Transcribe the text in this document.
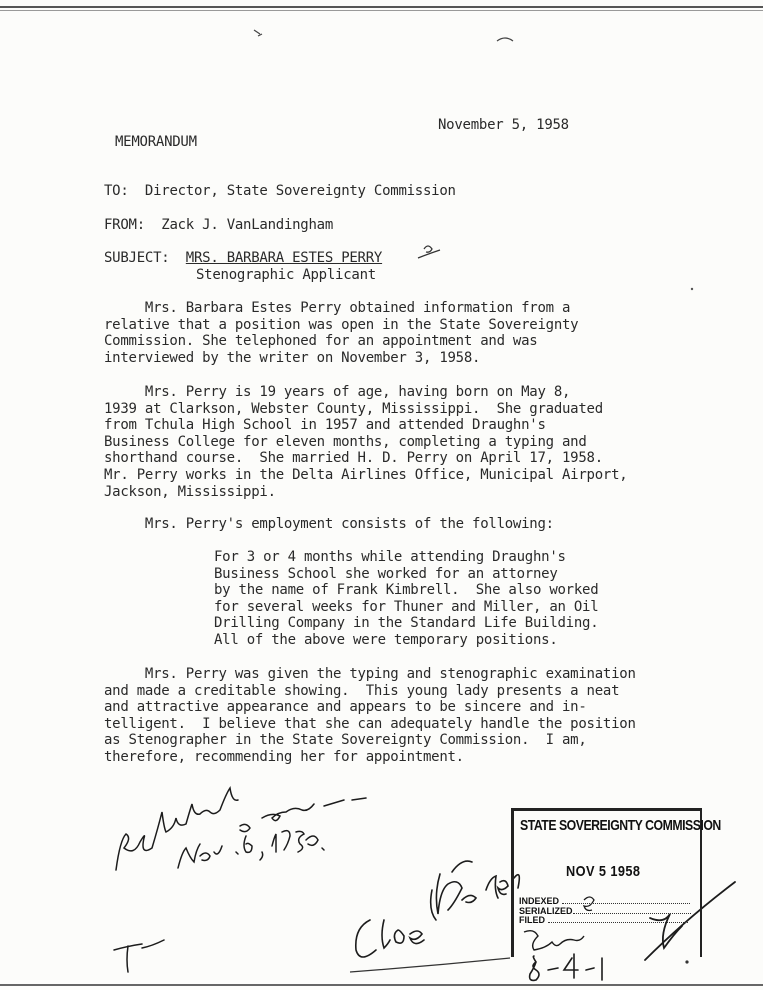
November 5, 1958
MEMORANDUM
TO: Director, State Sovereignty Commission
FROM: Zack J. VanLandingham
SUBJECT: MRS. BARBARA ESTES PERRY
Stenographic Applicant
Mrs. Barbara Estes Perry obtained information from a
relative that a position was open in the State Sovereignty
Commission. She telephoned for an appointment and was
interviewed by the writer on November 3, 1958.
Mrs. Perry is 19 years of age, having born on May 8,
1939 at Clarkson, Webster County, Mississippi.  She graduated
from Tchula High School in 1957 and attended Draughn's
Business College for eleven months, completing a typing and
shorthand course.  She married H. D. Perry on April 17, 1958.
Mr. Perry works in the Delta Airlines Office, Municipal Airport,
Jackson, Mississippi.
Mrs. Perry's employment consists of the following:
For 3 or 4 months while attending Draughn's
Business School she worked for an attorney
by the name of Frank Kimbrell.  She also worked
for several weeks for Thuner and Miller, an Oil
Drilling Company in the Standard Life Building.
All of the above were temporary positions.
Mrs. Perry was given the typing and stenographic examination
and made a creditable showing.  This young lady presents a neat
and attractive appearance and appears to be sincere and in-
telligent.  I believe that she can adequately handle the position
as Stenographer in the State Sovereignty Commission.  I am,
therefore, recommending her for appointment.
STATE SOVEREIGNTY COMMISSION
NOV 5 1958
INDEXED
SERIALIZED
FILED
